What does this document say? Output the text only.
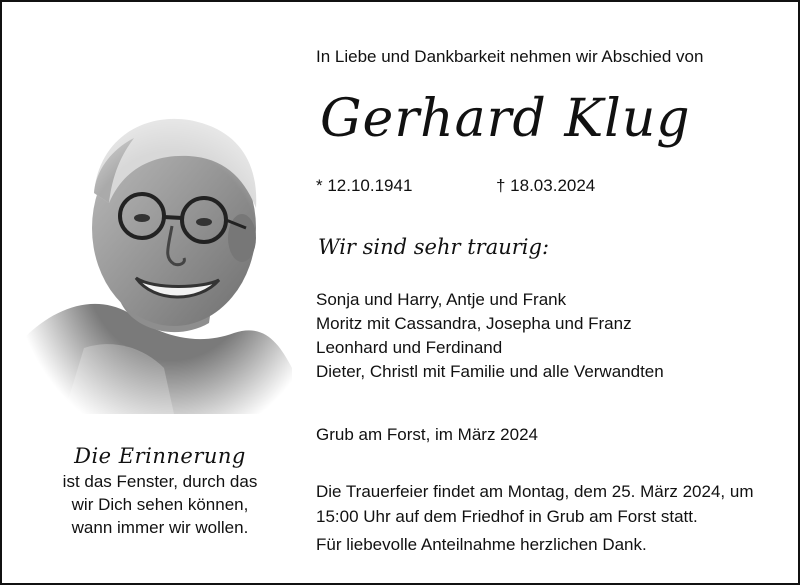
Die Erinnerung
ist das Fenster, durch das
wir Dich sehen können,
wann immer wir wollen.
In Liebe und Dankbarkeit nehmen wir Abschied von
Gerhard Klug
* 12.10.1941	† 18.03.2024
Wir sind sehr traurig:
Sonja und Harry, Antje und Frank
Moritz mit Cassandra, Josepha und Franz
Leonhard und Ferdinand
Dieter, Christl mit Familie und alle Verwandten
Grub am Forst, im März 2024
Die Trauerfeier findet am Montag, dem 25. März 2024, um
15:00 Uhr auf dem Friedhof in Grub am Forst statt.
Für liebevolle Anteilnahme herzlichen Dank.
